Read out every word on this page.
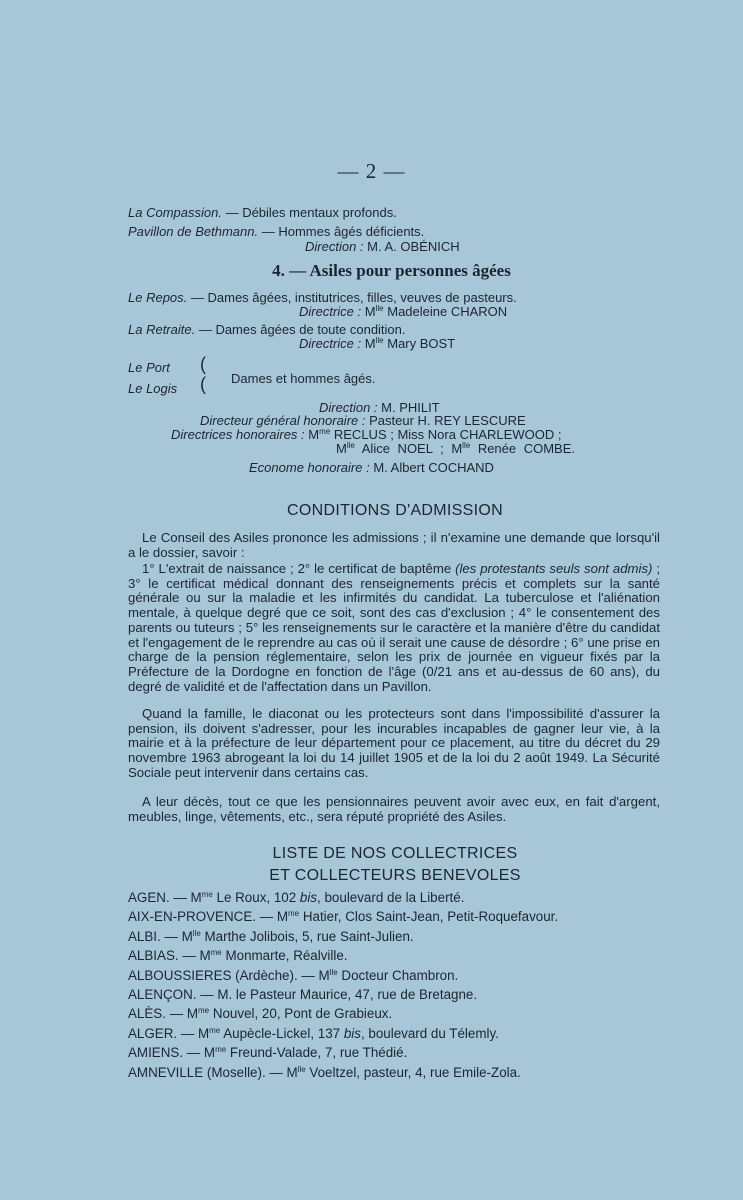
— 2 —
La Compassion. — Débiles mentaux profonds.
Pavillon de Bethmann. — Hommes âgés déficients.
Direction : M. A. OBÉNICH
4. — Asiles pour personnes âgées
Le Repos. — Dames âgées, institutrices, filles, veuves de pasteurs.
Directrice : $M^{lle}$ Madeleine CHARON
La Retraite. — Dames âgées de toute condition.
Directrice : $M^{lle}$ Mary BOST
Le Port
Le Logis
(
( Dames et hommes âgés.
Direction : M. PHILIT
Directeur général honoraire : Pasteur H. REY LESCURE
Directrices honoraires : $M^{me}$ RECLUS ; Miss Nora CHARLEWOOD ;
$M^{lle}$ Alice NOEL ; $M^{lle}$ Renée COMBE.
Econome honoraire : M. Albert COCHAND
CONDITIONS D'ADMISSION
Le Conseil des Asiles prononce les admissions ; il n'examine une demande que lorsqu'il a le dossier, savoir :
1° L'extrait de naissance ; 2° le certificat de baptême (les protestants seuls sont admis) ; 3° le certificat médical donnant des renseignements précis et complets sur la santé générale ou sur la maladie et les infirmités du candidat. La tuberculose et l'aliénation mentale, à quelque degré que ce soit, sont des cas d'exclusion ; 4° le consentement des parents ou tuteurs ; 5° les renseignements sur le caractère et la manière d'être du candidat et l'engagement de le reprendre au cas où il serait une cause de désordre ; 6° une prise en charge de la pension réglementaire, selon les prix de journée en vigueur fixés par la Préfecture de la Dordogne en fonction de l'âge (0/21 ans et au-dessus de 60 ans), du degré de validité et de l'affectation dans un Pavillon.
Quand la famille, le diaconat ou les protecteurs sont dans l'impossibilité d'assurer la pension, ils doivent s'adresser, pour les incurables incapables de gagner leur vie, à la mairie et à la préfecture de leur département pour ce placement, au titre du décret du 29 novembre 1963 abrogeant la loi du 14 juillet 1905 et de la loi du 2 août 1949. La Sécurité Sociale peut intervenir dans certains cas.
A leur décès, tout ce que les pensionnaires peuvent avoir avec eux, en fait d'argent, meubles, linge, vêtements, etc., sera réputé propriété des Asiles.
LISTE DE NOS COLLECTRICES
ET COLLECTEURS BENEVOLES
AGEN. — $M^{me}$ Le Roux, 102 bis, boulevard de la Liberté.
AIX-EN-PROVENCE. — $M^{me}$ Hatier, Clos Saint-Jean, Petit-Roquefavour.
ALBI. — $M^{lle}$ Marthe Jolibois, 5, rue Saint-Julien.
ALBIAS. — $M^{me}$ Monmarte, Réalville.
ALBOUSSIERES (Ardèche). — $M^{lle}$ Docteur Chambron.
ALENÇON. — M. le Pasteur Maurice, 47, rue de Bretagne.
ALÈS. — $M^{me}$ Nouvel, 20, Pont de Grabieux.
ALGER. — $M^{me}$ Aupècle-Lickel, 137 bis, boulevard du Télemly.
AMIENS. — $M^{me}$ Freund-Valade, 7, rue Thédié.
AMNEVILLE (Moselle). — $M^{lle}$ Voeltzel, pasteur, 4, rue Emile-Zola.
